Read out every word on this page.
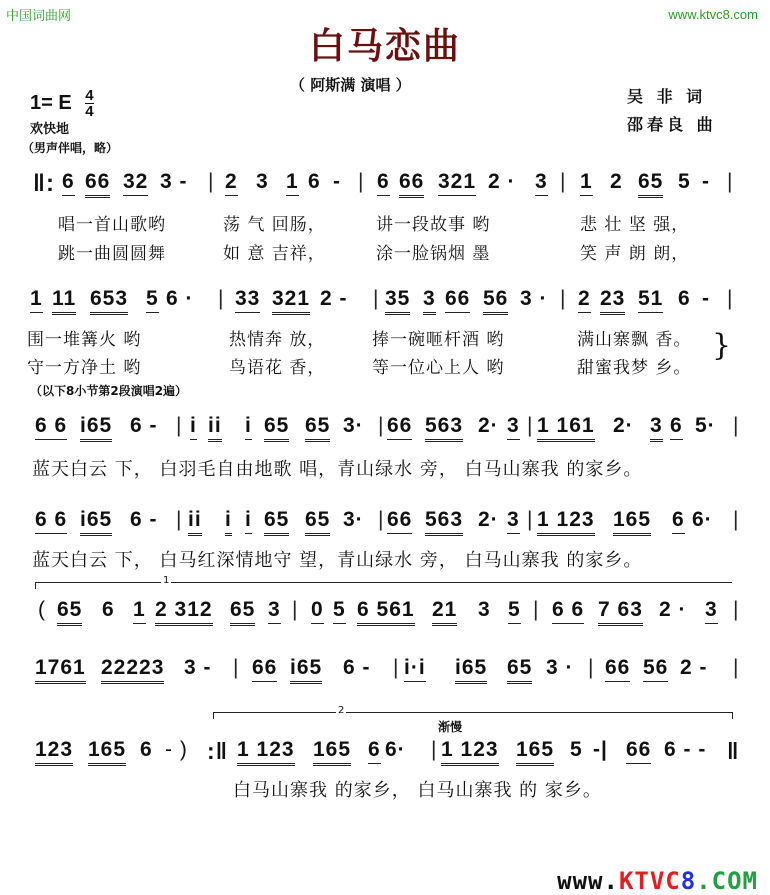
中国词曲网	www.ktvc8.com
白马恋曲
（ 阿斯满 演唱 ）
1= E $\frac{4}{4}$
欢快地
（男声伴唱，略）
吴 非 词
邵春良 曲
‖: 6 66 32 3 - | 2 3 1 6 - | 6 66 321 2 · 3 | 1 2 65 5 - |
唱一首山歌哟	荡 气 回肠，	讲一段故事 哟	悲 壮 坚 强，
跳一曲圆圆舞	如 意 吉祥，	涂一脸锅烟 墨	笑 声 朗 朗，
1 11 653 5 6 · | 33 321 2 - | 35 3 66 56 3 · | 2 23 51 6 - |
围一堆篝火 哟	热情奔 放，	捧一碗咂杆酒 哟	满山寨飘 香。
守一方净土 哟	鸟语花 香，	等一位心上人 哟	甜蜜我梦 乡。
}
（以下8小节第2段演唱2遍）
6 6 i65 6 - | i ii i 65 65 3· | 66 563 2· 3 | 1 161 2· 3 6 5· |
蓝天白云 下， 白羽毛自由地歌 唱，青山绿水 旁， 白马山寨我 的家乡。
6 6 i65 6 - | ii i i 65 65 3· | 66 563 2· 3 | 1 123 165 6 6· |
蓝天白云 下， 白马红深情地守 望，青山绿水 旁， 白马山寨我 的家乡。
1
( 65 6 1 2 312 65 3 | 0 5 6 561 21 3 5 | 6 6 7 63 2 · 3 |
1761 22223 3 - | 66 i65 6 - | i·i i65 65 3 · | 66 56 2 - |
2
渐慢
123 165 6 - ) :‖ 1 123 165 6 6· | 1 123 165 5 -| 66 6 - - ‖
白马山寨我 的家乡， 白马山寨我 的 家乡。
www.KTVC8.COM
